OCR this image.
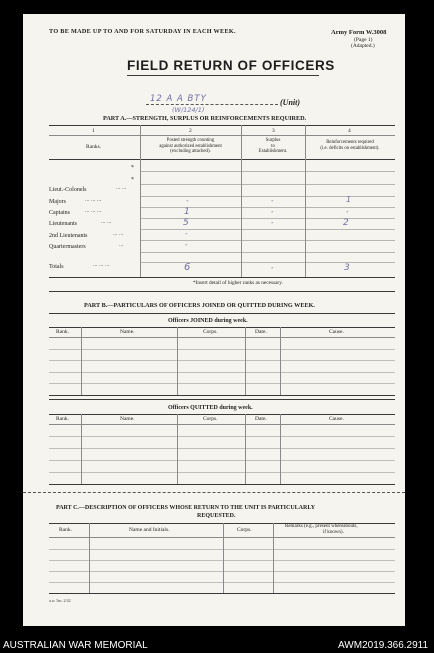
TO BE MADE UP TO AND FOR SATURDAY IN EACH WEEK.	Army Form W.3008
(Page 1)
(Adapted.)
FIELD RETURN OF OFFICERS
12 A A BTY
(W/124/1)
(Unit)
PART A.—STRENGTH, SURPLUS OR REINFORCEMENTS REQUIRED.
1	2	3	4
Ranks.
Posted strength counting
against authorized establishment
(excluding attached).
Surplus
to
Establishment.
Reinforcements required
(i.e. deficits on establishment).
*
*
Lieut.-Colonels	... ...
Majors	... ... ...	-	-	1
Captains	... ... ...	1	-	-
Lieutenants	... ...	5	-	2
2nd Lieutenants	... ...	-
Quartermasters	...	-
Totals	... ... ...	6	-	3
*Insert detail of higher ranks as necessary.
PART B.—PARTICULARS OF OFFICERS JOINED OR QUITTED DURING WEEK.
Officers JOINED during week.
Rank.	Name.	Corps.	Date.	Cause.
Officers QUITTED during week.
Rank.	Name.	Corps.	Date.	Cause.
PART C.—DESCRIPTION OF OFFICERS WHOSE RETURN TO THE UNIT IS PARTICULARLY
REQUESTED.
Rank.	Name and Initials.	Corps.
Remarks (e.g., present whereabouts,
if known).
a.w. 5m. 2/42
AUSTRALIAN WAR MEMORIAL	AWM2019.366.2911
